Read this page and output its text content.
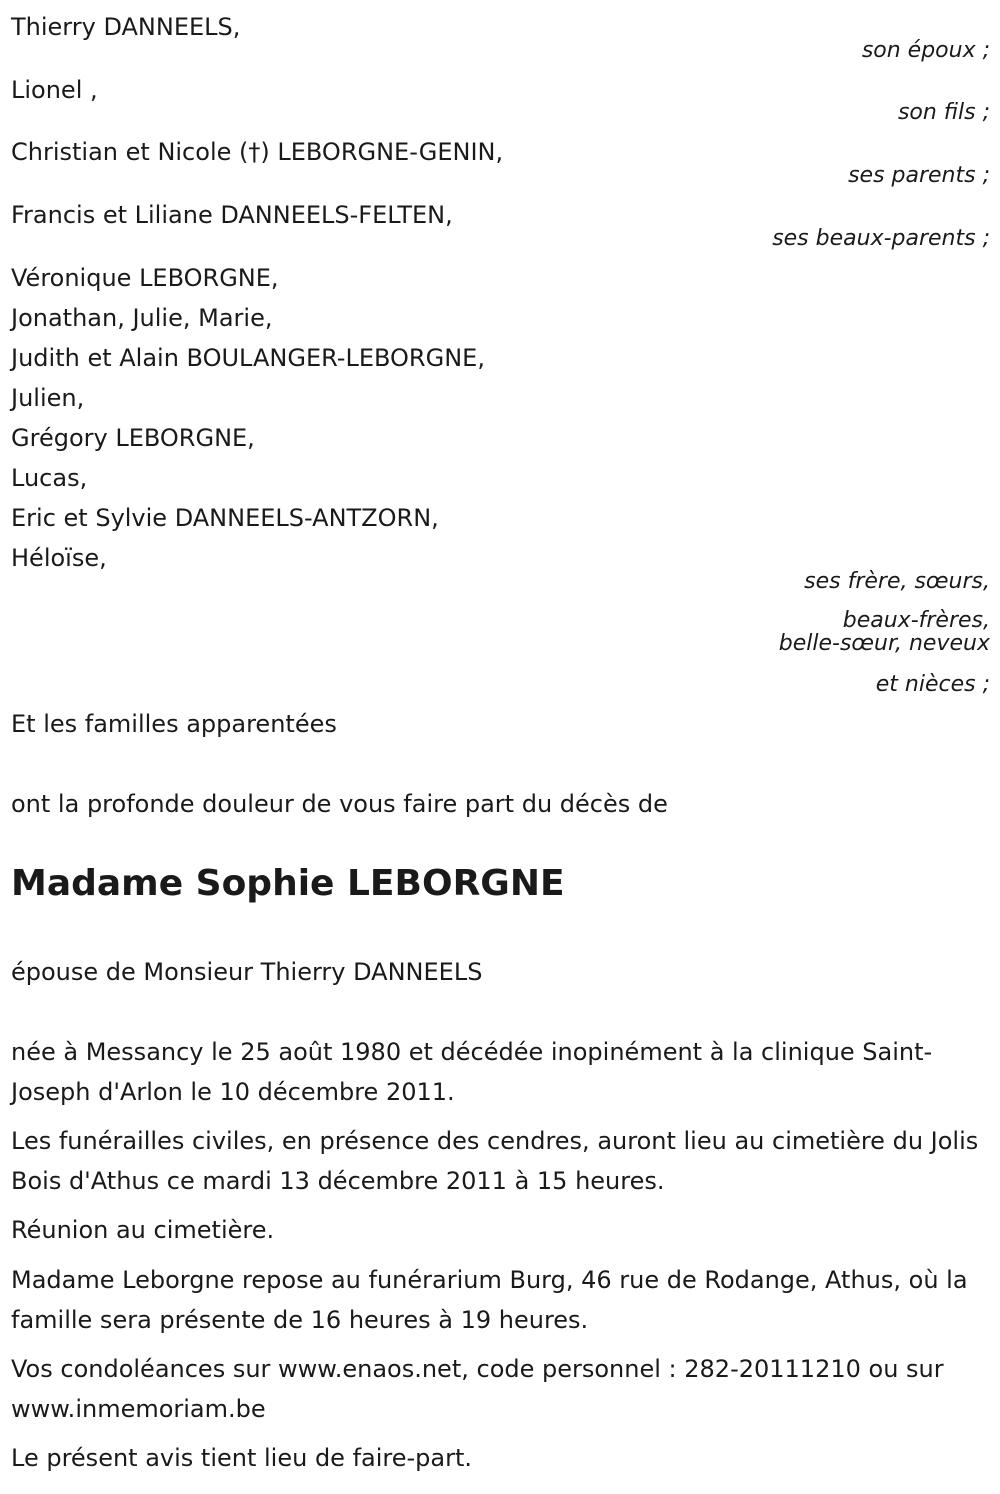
Thierry DANNEELS,
son époux ;
Lionel ,
son fils ;
Christian et Nicole (†) LEBORGNE-GENIN,
ses parents ;
Francis et Liliane DANNEELS-FELTEN,
ses beaux-parents ;
Véronique LEBORGNE,
Jonathan, Julie, Marie,
Judith et Alain BOULANGER-LEBORGNE,
Julien,
Grégory LEBORGNE,
Lucas,
Eric et Sylvie DANNEELS-ANTZORN,
Héloïse,
ses frère, sœurs,
beaux-frères,
belle-sœur, neveux
et nièces ;
Et les familles apparentées
ont la profonde douleur de vous faire part du décès de
Madame Sophie LEBORGNE
épouse de Monsieur Thierry DANNEELS
née à Messancy le 25 août 1980 et décédée inopinément à la clinique Saint-Joseph d'Arlon le 10 décembre 2011.
Les funérailles civiles, en présence des cendres, auront lieu au cimetière du Jolis Bois d'Athus ce mardi 13 décembre 2011 à 15 heures.
Réunion au cimetière.
Madame Leborgne repose au funérarium Burg, 46 rue de Rodange, Athus, où la famille sera présente de 16 heures à 19 heures.
Vos condoléances sur www.enaos.net, code personnel : 282-20111210 ou sur www.inmemoriam.be
Le présent avis tient lieu de faire-part.
